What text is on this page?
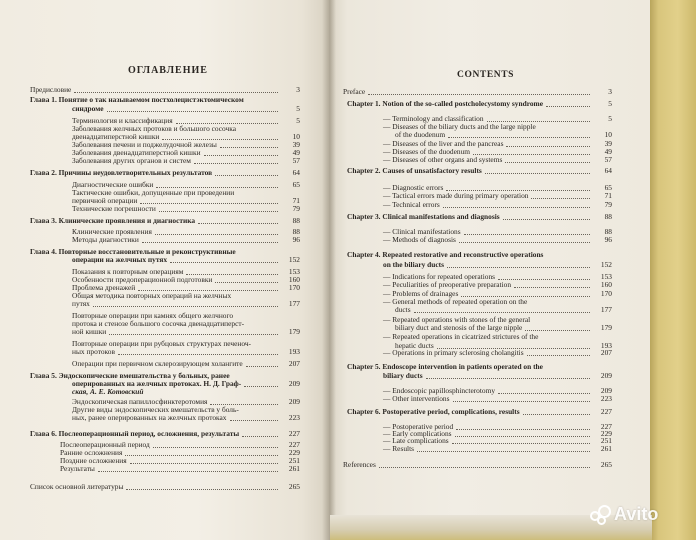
ОГЛАВЛЕНИЕ	CONTENTS
Предисловие	3
Глава 1. Понятие о так называемом постхолецистэктомическом
синдроме	5
Терминология и классификация	5
Заболевания желчных протоков и большого сосочка
двенадцатиперстной кишки	10
Заболевания печени и поджелудочной железы	39
Заболевания двенадцатиперстной кишки	49
Заболевания других органов и систем	57
Глава 2. Причины неудовлетворительных результатов	64
Диагностические ошибки	65
Тактические ошибки, допущенные при проведении
первичной операции	71
Технические погрешности	79
Глава 3. Клинические проявления и диагностика	88
Клинические проявления	88
Методы диагностики	96
Глава 4. Повторные восстановительные и реконструктивные
операции на желчных путях	152
Показания к повторным операциям	153
Особенности предоперационной подготовки	160
Проблема дренажей	170
Общая методика повторных операций на желчных
путях	177
Повторные операции при камнях общего желчного
протока и стенозе большого сосочка двенадцатиперст-
ной кишки	179
Повторные операции при рубцовых структурах печеноч-
ных протоков	193
Операции при первичном склерозирующем холангите	207
Глава 5. Эндоскопические вмешательства у больных, ранее
оперированных на желчных протоках. Н. Д. Граф-	209
ская, А. Е. Котовский
Эндоскопическая папиллосфинктеротомия	209
Другие виды эндоскопических вмешательств у боль-
ных, ранее оперированных на желчных протоках	223
Глава 6. Послеоперационный период, осложнения, результаты	227
Послеоперационный период	227
Ранние осложнения	229
Поздние осложнения	251
Результаты	261
Список основной литературы	265
Preface	3
Chapter 1. Notion of the so-called postcholecystomy syndrome	5
— Terminology and classification	5
— Diseases of the biliary ducts and the large nipple
of the duodenum	10
— Diseases of the liver and the pancreas	39
— Diseases of the duodenum	49
— Diseases of other organs and systems	57
Chapter 2. Causes of unsatisfactory results	64
— Diagnostic errors	65
— Tactical errors made during primary operation	71
— Technical errors	79
Chapter 3. Clinical manifestations and diagnosis	88
— Clinical manifestations	88
— Methods of diagnosis	96
Chapter 4. Repeated restorative and reconstructive operations
on the biliary ducts	152
— Indications for repeated operations	153
— Peculiarities of preoperative preparation	160
— Problems of drainages	170
— General methods of repeated operation on the
ducts	177
— Repeated operations with stones of the general
biliary duct and stenosis of the large nipple	179
— Repeated operations in cicatrized strictures of the
hepatic ducts	193
— Operations in primary sclerosing cholangitis	207
Chapter 5. Endoscope intervention in patients operated on the
biliary ducts	209
— Endoscopic papillosphincterotomy	209
— Other interventions	223
Chapter 6. Postoperative period, complications, results	227
— Postoperative period	227
— Early complications	229
— Late complications	251
— Results	261
References	265
Avito
